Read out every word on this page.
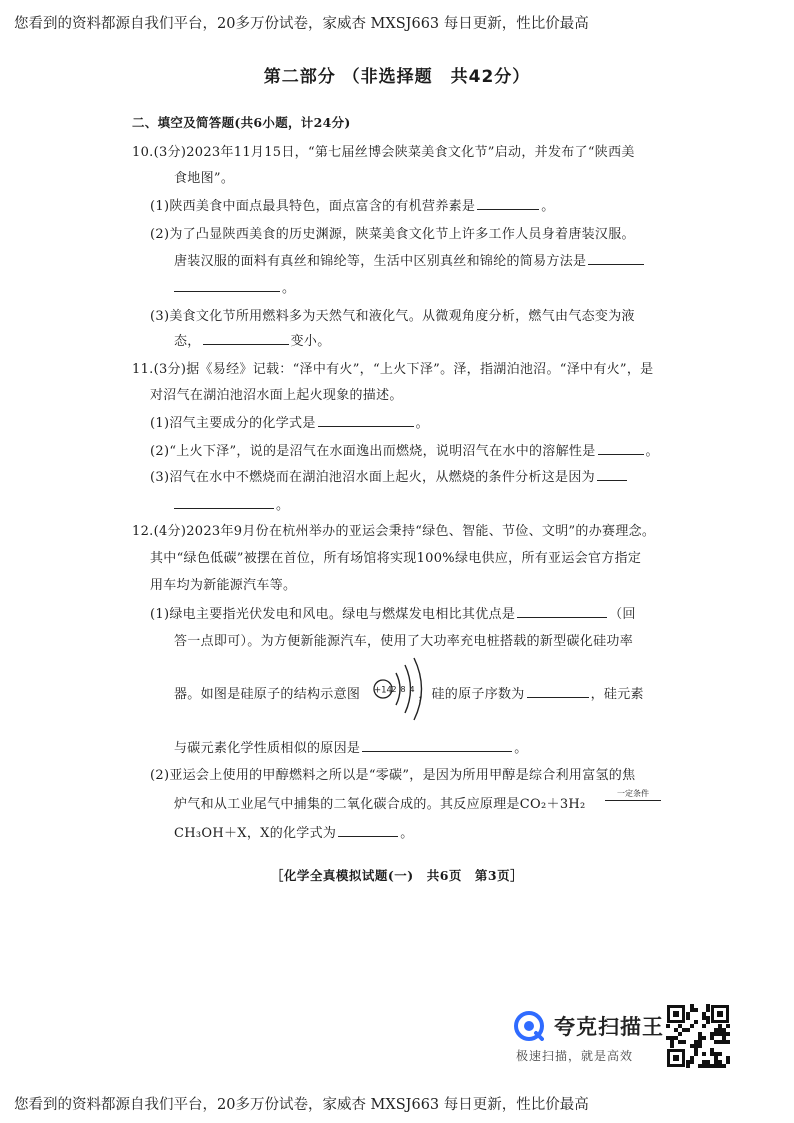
您看到的资料都源自我们平台，20多万份试卷，家威杏 MXSJ663 每日更新，性比价最高
第二部分 （非选择题　共42分）
二、填空及简答题(共6小题，计24分)
10.(3分)2023年11月15日，“第七届丝博会陕菜美食文化节”启动，并发布了“陕西美
食地图”。
(1)陕西美食中面点最具特色，面点富含的有机营养素是	。
(2)为了凸显陕西美食的历史渊源，陕菜美食文化节上许多工作人员身着唐装汉服。
唐装汉服的面料有真丝和锦纶等，生活中区别真丝和锦纶的简易方法是
。
(3)美食文化节所用燃料多为天然气和液化气。从微观角度分析，燃气由气态变为液
态，	变小。
11.(3分)据《易经》记载：“泽中有火”，“上火下泽”。泽，指湖泊池沼。“泽中有火”，是
对沼气在湖泊池沼水面上起火现象的描述。
(1)沼气主要成分的化学式是	。
(2)“上火下泽”，说的是沼气在水面逸出而燃烧，说明沼气在水中的溶解性是	。
(3)沼气在水中不燃烧而在湖泊池沼水面上起火，从燃烧的条件分析这是因为
。
12.(4分)2023年9月份在杭州举办的亚运会秉持“绿色、智能、节俭、文明”的办赛理念。
其中“绿色低碳”被摆在首位，所有场馆将实现100%绿电供应，所有亚运会官方指定
用车均为新能源汽车等。
(1)绿电主要指光伏发电和风电。绿电与燃煤发电相比其优点是	（回
答一点即可）。为方便新能源汽车，使用了大功率充电桩搭载的新型碳化硅功率
器。如图是硅原子的结构示意图	，硅的原子序数为	，硅元素
+14 2 8 4
与碳元素化学性质相似的原因是	。
(2)亚运会上使用的甲醇燃料之所以是“零碳”，是因为所用甲醇是综合利用富氢的焦
炉气和从工业尾气中捕集的二氧化碳合成的。其反应原理是CO₂＋3H₂
一定条件
CH₃OH＋X，X的化学式为	。
［化学全真模拟试题(一)　共6页　第3页］
夸克扫描王
极速扫描，就是高效
您看到的资料都源自我们平台，20多万份试卷，家威杏 MXSJ663 每日更新，性比价最高
